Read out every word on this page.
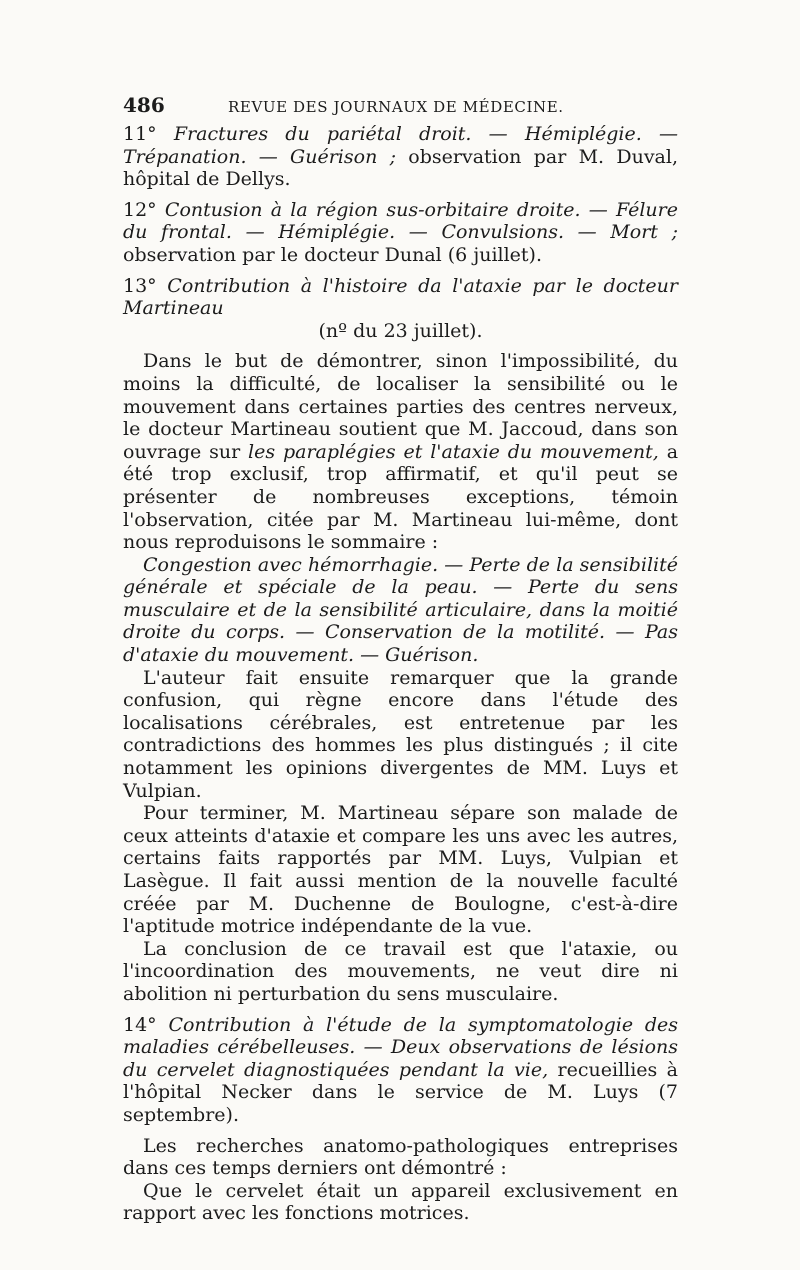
486	REVUE DES JOURNAUX DE MÉDECINE.

11° Fractures du pariétal droit. — Hémiplégie. — Trépanation. — Guérison ; observation par M. Duval, hôpital de Dellys.

12° Contusion à la région sus-orbitaire droite. — Félure du frontal. — Hémiplégie. — Convulsions. — Mort ; observation par le docteur Dunal (6 juillet).

13° Contribution à l'histoire da l'ataxie par le docteur Martineau
(nº du 23 juillet).

Dans le but de démontrer, sinon l'impossibilité, du moins la difficulté, de localiser la sensibilité ou le mouvement dans certaines parties des centres nerveux, le docteur Martineau soutient que M. Jaccoud, dans son ouvrage sur les paraplégies et l'ataxie du mouvement, a été trop exclusif, trop affirmatif, et qu'il peut se présenter de nombreuses exceptions, témoin l'observation, citée par M. Martineau lui-même, dont nous reproduisons le sommaire :

Congestion avec hémorrhagie. — Perte de la sensibilité générale et spéciale de la peau. — Perte du sens musculaire et de la sensibilité articulaire, dans la moitié droite du corps. — Conservation de la motilité. — Pas d'ataxie du mouvement. — Guérison.

L'auteur fait ensuite remarquer que la grande confusion, qui règne encore dans l'étude des localisations cérébrales, est entretenue par les contradictions des hommes les plus distingués ; il cite notamment les opinions divergentes de MM. Luys et Vulpian.

Pour terminer, M. Martineau sépare son malade de ceux atteints d'ataxie et compare les uns avec les autres, certains faits rapportés par MM. Luys, Vulpian et Lasègue. Il fait aussi mention de la nouvelle faculté créée par M. Duchenne de Boulogne, c'est-à-dire l'aptitude motrice indépendante de la vue.

La conclusion de ce travail est que l'ataxie, ou l'incoordination des mouvements, ne veut dire ni abolition ni perturbation du sens musculaire.

14° Contribution à l'étude de la symptomatologie des maladies cérébelleuses. — Deux observations de lésions du cervelet diagnostiquées pendant la vie, recueillies à l'hôpital Necker dans le service de M. Luys (7 septembre).

Les recherches anatomo-pathologiques entreprises dans ces temps derniers ont démontré :

Que le cervelet était un appareil exclusivement en rapport avec les fonctions motrices.
